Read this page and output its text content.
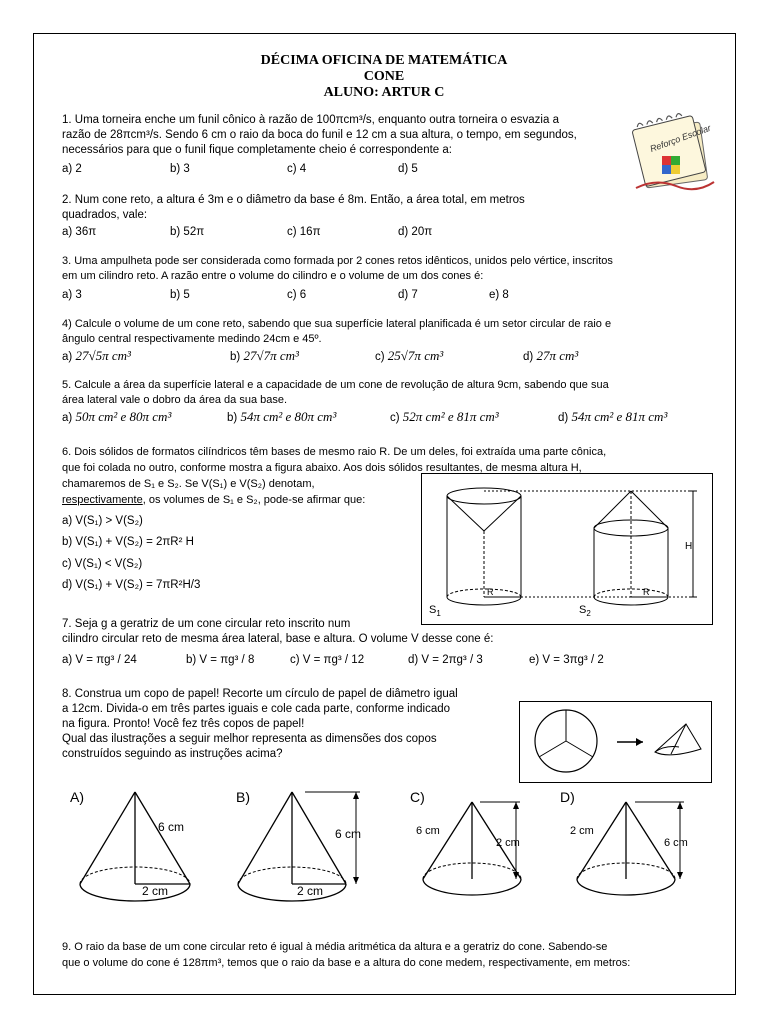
DÉCIMA OFICINA DE MATEMÁTICA
CONE
ALUNO: ARTUR C
Reforço Escolar
1. Uma torneira enche um funil cônico à razão de 100πcm³/s, enquanto outra torneira o esvazia a
razão de 28πcm³/s. Sendo 6 cm o raio da boca do funil e 12 cm a sua altura, o tempo, em segundos,
necessários para que o funil fique completamente cheio é correspondente a:
a) 2	b) 3	c) 4	d) 5
2. Num cone reto, a altura é 3m e o diâmetro da base é 8m. Então, a área total, em metros
quadrados, vale:
a) 36π	b) 52π	c) 16π	d) 20π
3. Uma ampulheta pode ser considerada como formada por 2 cones retos idênticos, unidos pelo vértice, inscritos
em um cilindro reto. A razão entre o volume do cilindro e o volume de um dos cones é:
a) 3	b) 5	c) 6	d) 7	e) 8
4) Calcule o volume de um cone reto, sabendo que sua superfície lateral planificada é um setor circular de raio e
ângulo central respectivamente medindo 24cm e 45º.
a) 27√5π cm³	b) 27√7π cm³	c) 25√7π cm³	d) 27π cm³
5. Calcule a área da superfície lateral e a capacidade de um cone de revolução de altura 9cm, sabendo que sua
área lateral vale o dobro da área da sua base.
a) 50π cm² e 80π cm³	b) 54π cm² e 80π cm³	c) 52π cm² e 81π cm³	d) 54π cm² e 81π cm³
6. Dois sólidos de formatos cilíndricos têm bases de mesmo raio R. De um deles, foi extraída uma parte cônica,
que foi colada no outro, conforme mostra a figura abaixo. Aos dois sólidos resultantes, de mesma altura H,
chamaremos de S₁ e S₂. Se V(S₁) e V(S₂) denotam,
respectivamente, os volumes de S₁ e S₂, pode-se afirmar que:
a) V(S₁) > V(S₂)
b) V(S₁) + V(S₂) = 2πR² H
c) V(S₁) < V(S₂)
d) V(S₁) + V(S₂) = 7πR²H/3
R
$S_1$
R
$S_2$
H
7. Seja g a geratriz de um cone circular reto inscrito num
cilindro circular reto de mesma área lateral, base e altura. O volume V desse cone é:
a) V = πg³ / 24	b) V = πg³ / 8	c) V = πg³ / 12	d) V = 2πg³ / 3	e) V = 3πg³ / 2
8. Construa um copo de papel! Recorte um círculo de papel de diâmetro igual
a 12cm. Divida-o em três partes iguais e cole cada parte, conforme indicado
na figura. Pronto! Você fez três copos de papel!
Qual das ilustrações a seguir melhor representa as dimensões dos copos
construídos seguindo as instruções acima?
A)
6 cm
2 cm
B)
6 cm
2 cm
C)
6 cm
2 cm
D)
2 cm
6 cm
9. O raio da base de um cone circular reto é igual à média aritmética da altura e a geratriz do cone. Sabendo-se
que o volume do cone é 128πm³, temos que o raio da base e a altura do cone medem, respectivamente, em metros:
